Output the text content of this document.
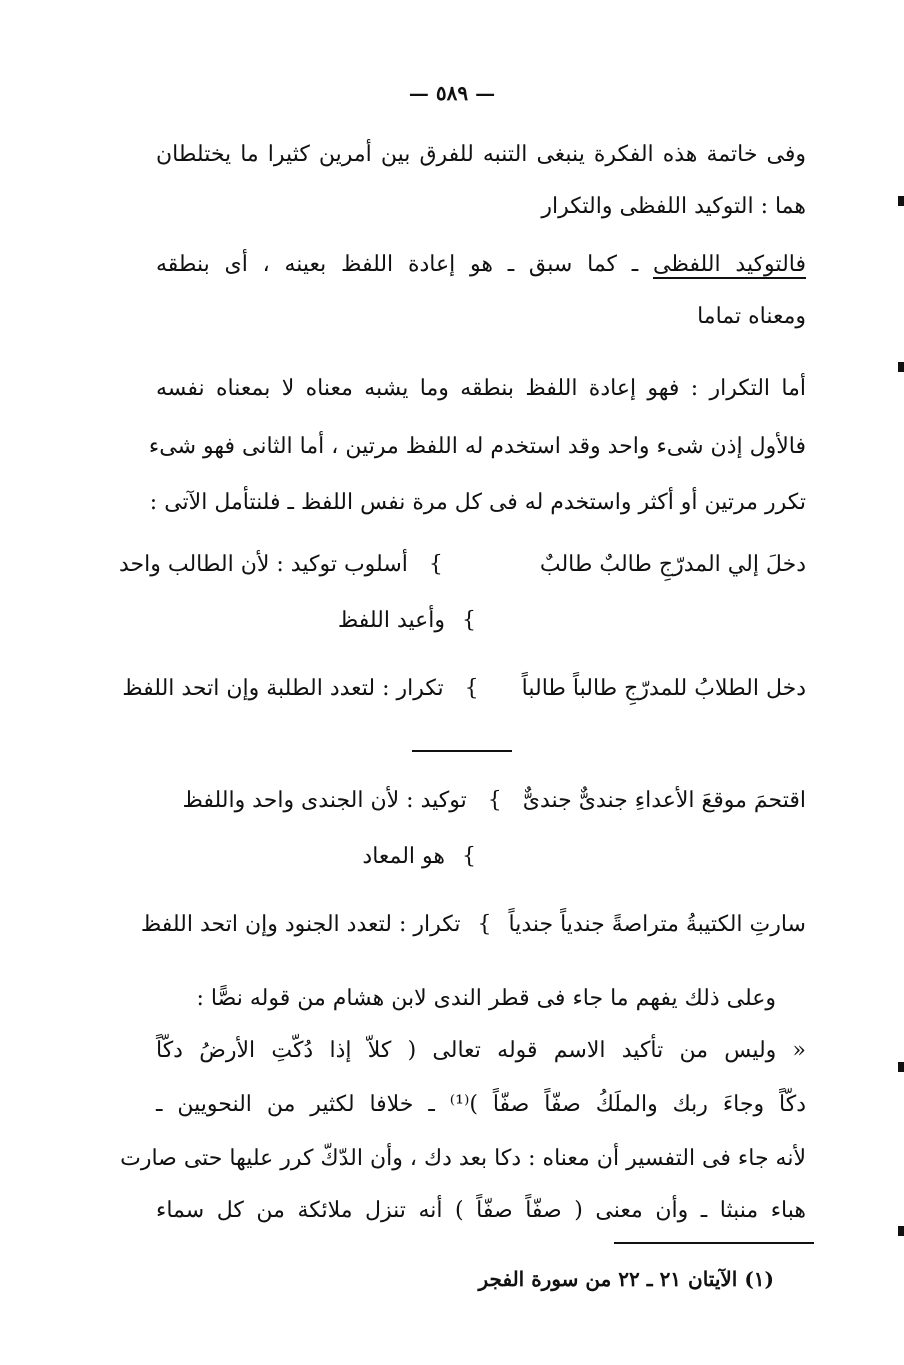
— ٥٨٩ —
وفى خاتمة هذه الفكرة ينبغى التنبه للفرق بين أمرين كثيرا ما يختلطان
هما : التوكيد اللفظى والتكرار
فالتوكيد اللفظى ـ كما سبق ـ هو إعادة اللفظ بعينه ، أى بنطقه
ومعناه تماما
أما التكرار : فهو إعادة اللفظ بنطقه وما يشبه معناه لا بمعناه نفسه
فالأول إذن شىء واحد وقد استخدم له اللفظ مرتين ، أما الثانى فهو شىء
تكرر مرتين أو أكثر واستخدم له فى كل مرة نفس اللفظ ـ فلنتأمل الآتى :
دخلَ إلي المدرّجِ طالبٌ طالبٌ } أسلوب توكيد : لأن الطالب واحد
} وأعيد اللفظ
دخل الطلابُ للمدرّجِ طالباً طالباً } تكرار : لتعدد الطلبة وإن اتحد اللفظ
اقتحمَ موقعَ الأعداءِ جندىٌّ جندىٌّ } توكيد : لأن الجندى واحد واللفظ
} هو المعاد
سارتِ الكتيبةُ متراصةً جندياً جندياً } تكرار : لتعدد الجنود وإن اتحد اللفظ
وعلى ذلك يفهم ما جاء فى قطر الندى لابن هشام من قوله نصًّا :
« وليس من تأكيد الاسم قوله تعالى ( كلاّ إذا دُكّتِ الأرضُ دكّاً
دكّاً وجاءَ ربك والملَكُ صفّاً صفّاً )⁽¹⁾ ـ خلافا لكثير من النحويين ـ
لأنه جاء فى التفسير أن معناه : دكا بعد دك ، وأن الدّكّ كرر عليها حتى صارت
هباء منبثا ـ وأن معنى ( صفّاً صفّاً ) أنه تنزل ملائكة من كل سماء
(١) الآيتان ٢١ ـ ٢٢ من سورة الفجر
